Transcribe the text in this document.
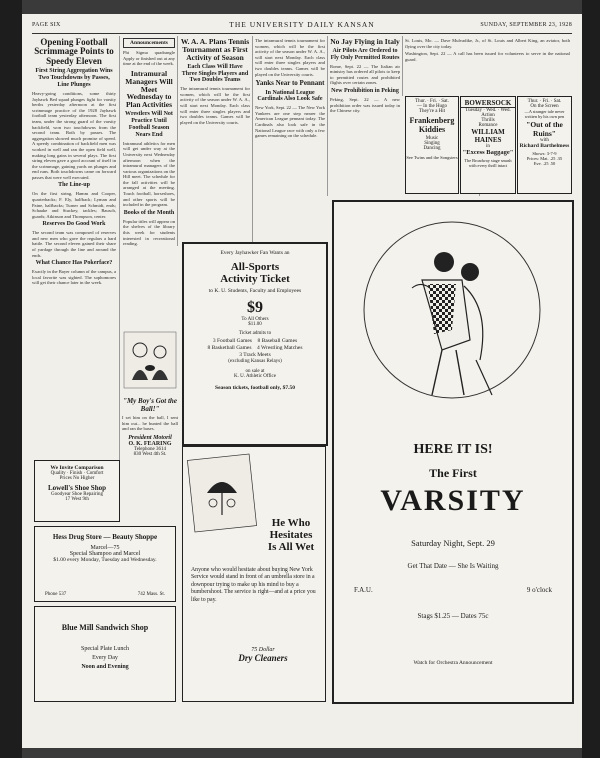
PAGE SIX	THE UNIVERSITY DAILY KANSAN	SUNDAY, SEPTEMBER 23, 1928
Opening Football Scrimmage Points to Speedy Eleven
First String Aggregation Wins Two Touchdowns by Passes, Line Plunges
Heavy-going conditions, some thirty Jayhawk Bed squad plunges fight for varsity berths yesterday afternoon at the first scrimmage practice of the 1928 Jayhawk football team yesterday afternoon. The first team, under the strong guard of the varsity backfield, won two touchdowns from the second team. Both by passes. The aggregation showed much promise of speed. A speedy combination of backfield men was worked in well and ran the open field well, making long gains in several plays. The first string eleven gave a good account of itself in the scrimmage, gaining yards on plunges and end runs. Both touchdowns came on forward passes that were well executed.
The Line-up
On the first string, Hamm and Cooper, quarterbacks; F. Ely, halfback; Lyman and Paine, halfbacks; Turner and Schmidt, ends; Schaake and Stuckey, tackles; Bausch, guards; Atkinson and Thompson, center.
Reserves Do Good Work
The second team was composed of reserves and new men who gave the regulars a hard battle. The second eleven gained their share of yardage through the line and around the ends.
What Chance Has Pokerface?
Exactly in the Bayer column of the campus, a local favorite was sighted. The sophomores will get their chance later in the week.
We Invite Comparison
Quality · Finish · Comfort
Prices No Higher
Lowell's Shoe Shop
Goodyear Shoe Repairing
17 West 9th
Announcements
Phi Sigma quadrangle Apply or finished out at any time at the end of the week.
Intramural Managers Will Meet Wednesday to Plan Activities
Wrestlers Will Not Practice Until Football Season Nears End
Intramural athletics for men will get under way at the University next Wednesday afternoon when the intramural managers of the various organizations on the Hill meet. The schedule for the fall activities will be arranged at the meeting. Touch football, horseshoes, and other sports will be included in the program.
Books of the Month
Popular titles will appear on the shelves of the library this week for students interested in recreational reading.
W. A. A. Plans Tennis Tournament as First Activity of Season
Each Class Will Have Three Singles Players and Two Doubles Teams
The intramural tennis tournament for women, which will be the first activity of the season under W. A. A., will start next Monday. Each class will enter three singles players and two doubles teams. Games will be played on the University courts.
The intramural tennis tournament for women, which will be the first activity of the season under W. A. A., will start next Monday. Each class will enter three singles players and two doubles teams. Games will be played on the University courts.
Yanks Near to Pennant
In National League Cardinals Also Look Safe
New York, Sept. 22 — The New York Yankees are one step nearer the American League pennant today. The Cardinals also look safe in the National League race with only a few games remaining on the schedule.
No Jay Flying in Italy
Air Pilots Are Ordered to Fly Only Permitted Routes
Rome, Sept. 22 — The Italian air ministry has ordered all pilots to keep to permitted routes and prohibited flights over certain zones.
New Prohibition in Peking
Peking, Sept. 22 — A new prohibition order was issued today in the Chinese city.
St. Louis, Mo. — Dave Mulvadike, Jr., of St. Louis and Albert King, an aviator, both flying over the city today.
Washington, Sept. 22 — A call has been issued for volunteers to serve in the national guard.
Thur. · Fri. · Sat.
— In the Hugo
They're a Hit
Frankenberg Kiddies
Music
Singing
Dancing
See Twins and the Songsters
BOWERSOCK
Tuesday · Wed. · Wed.
Action
Thrills
Romance
WILLIAM HAINES
in
"Excess Baggage"
The Broadway stage smash with every thrill intact
Thur. · Fri. · Sat.
On the Screen
—A stranger tale never written by his own pen
"Out of the Ruins"
with
Richard Barthelmess
Shows: 3-7-9
Prices: Mat. .25 .35
Eve. .25 .50
Every Jayhawker Fan Wants an
All-Sports
Activity Ticket
to K. U. Students, Faculty and Employees
$9
To All Others
$11.00
Ticket admits to
3 Football Games 8 Baseball Games
8 Basketball Games 4 Wrestling Matches
3 Track Meets
(excluding Kansas Relays)
on sale at
K. U. Athletic Office
Season tickets, football only, $7.50
"My Boy's Got the Ball!"
I set him on the ball, I sent him out... he bunted the ball and ran the bases.
President Motoril
O. K. FEARING
Telephone 3614
830 West 4th St.
Hess Drug Store — Beauty Shoppe
Marcel—75
Special Shampoo and Marcel
$1.00 every Monday, Tuesday and Wednesday.
Phone 537	742 Mass. St.
Blue Mill Sandwich Shop
Special Plate Lunch
Every Day
Noon and Evening
He Who
Hesitates
Is All Wet
Anyone who would hesitate about buying New York Service would stand in front of an umbrella store in a downpour trying to make up his mind to buy a bumbershoot. The service is right—and at a price you like to pay.
75 Dollar
Dry Cleaners
HERE IT IS!
The First
VARSITY
Saturday Night, Sept. 29
Get That Date — She Is Waiting
F.A.U.	9 o'clock
Stags $1.25 — Dates 75c
Watch for Orchestra Announcement
